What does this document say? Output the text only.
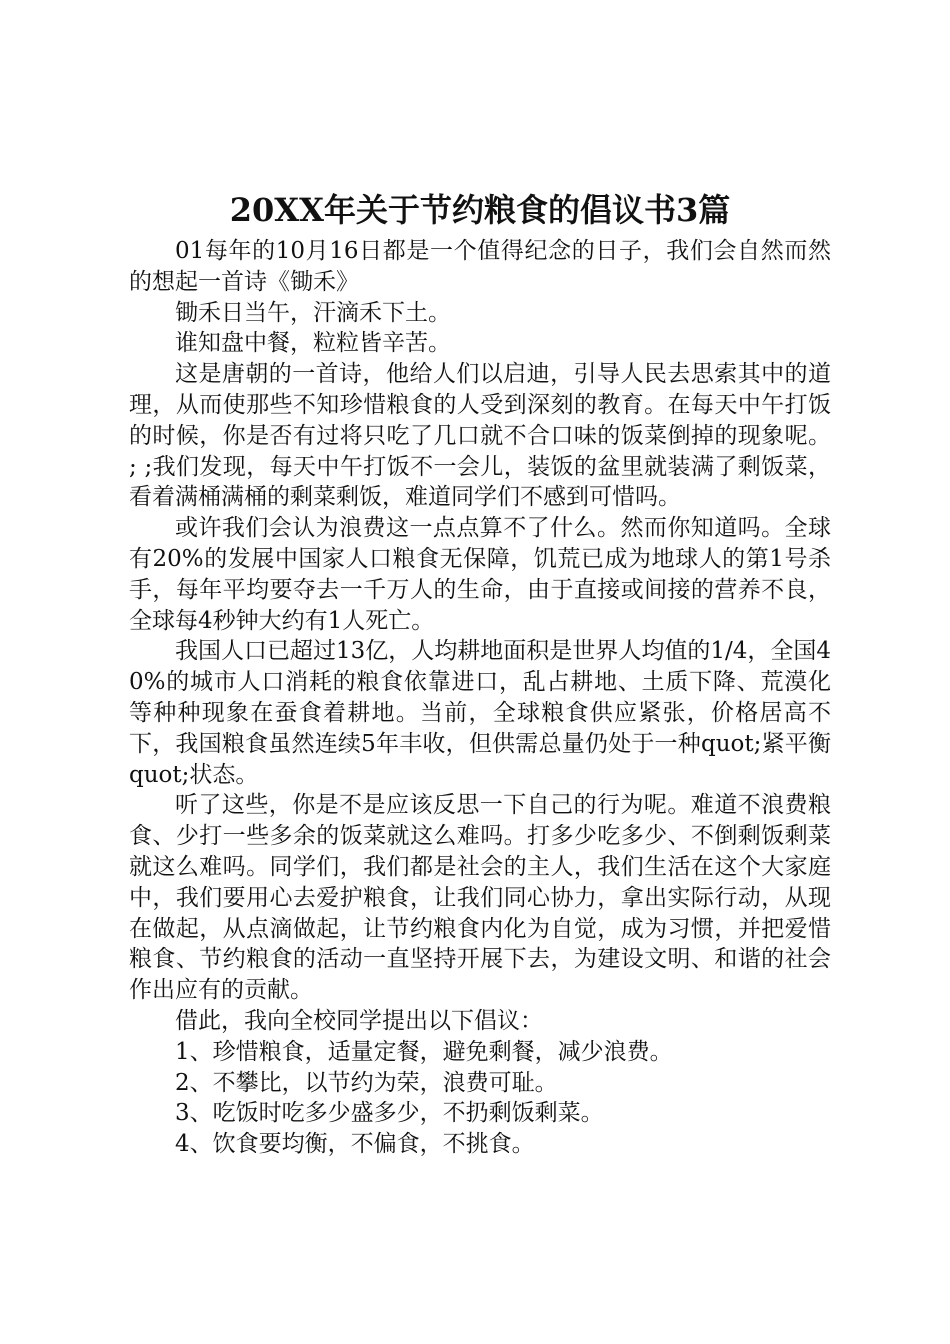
20XX年关于节约粮食的倡议书3篇

01每年的10月16日都是一个值得纪念的日子，我们会自然而然的想起一首诗《锄禾》

锄禾日当午，汗滴禾下土。

谁知盘中餐，粒粒皆辛苦。

这是唐朝的一首诗，他给人们以启迪，引导人民去思索其中的道理，从而使那些不知珍惜粮食的人受到深刻的教育。在每天中午打饭的时候，你是否有过将只吃了几口就不合口味的饭菜倒掉的现象呢。 ; ;我们发现，每天中午打饭不一会儿，装饭的盆里就装满了剩饭菜，看着满桶满桶的剩菜剩饭，难道同学们不感到可惜吗。

或许我们会认为浪费这一点点算不了什么。然而你知道吗。全球有20%的发展中国家人口粮食无保障，饥荒已成为地球人的第1号杀手，每年平均要夺去一千万人的生命，由于直接或间接的营养不良，全球每4秒钟大约有1人死亡。

我国人口已超过13亿，人均耕地面积是世界人均值的1/4，全国40%的城市人口消耗的粮食依靠进口，乱占耕地、土质下降、荒漠化等种种现象在蚕食着耕地。当前，全球粮食供应紧张，价格居高不下，我国粮食虽然连续5年丰收，但供需总量仍处于一种quot;紧平衡quot;状态。

听了这些，你是不是应该反思一下自己的行为呢。难道不浪费粮食、少打一些多余的饭菜就这么难吗。打多少吃多少、不倒剩饭剩菜就这么难吗。同学们，我们都是社会的主人，我们生活在这个大家庭中，我们要用心去爱护粮食，让我们同心协力，拿出实际行动，从现在做起，从点滴做起，让节约粮食内化为自觉，成为习惯，并把爱惜粮食、节约粮食的活动一直坚持开展下去，为建设文明、和谐的社会作出应有的贡献。

借此，我向全校同学提出以下倡议：

1、珍惜粮食，适量定餐，避免剩餐，减少浪费。

2、不攀比，以节约为荣，浪费可耻。

3、吃饭时吃多少盛多少，不扔剩饭剩菜。

4、饮食要均衡，不偏食，不挑食。
